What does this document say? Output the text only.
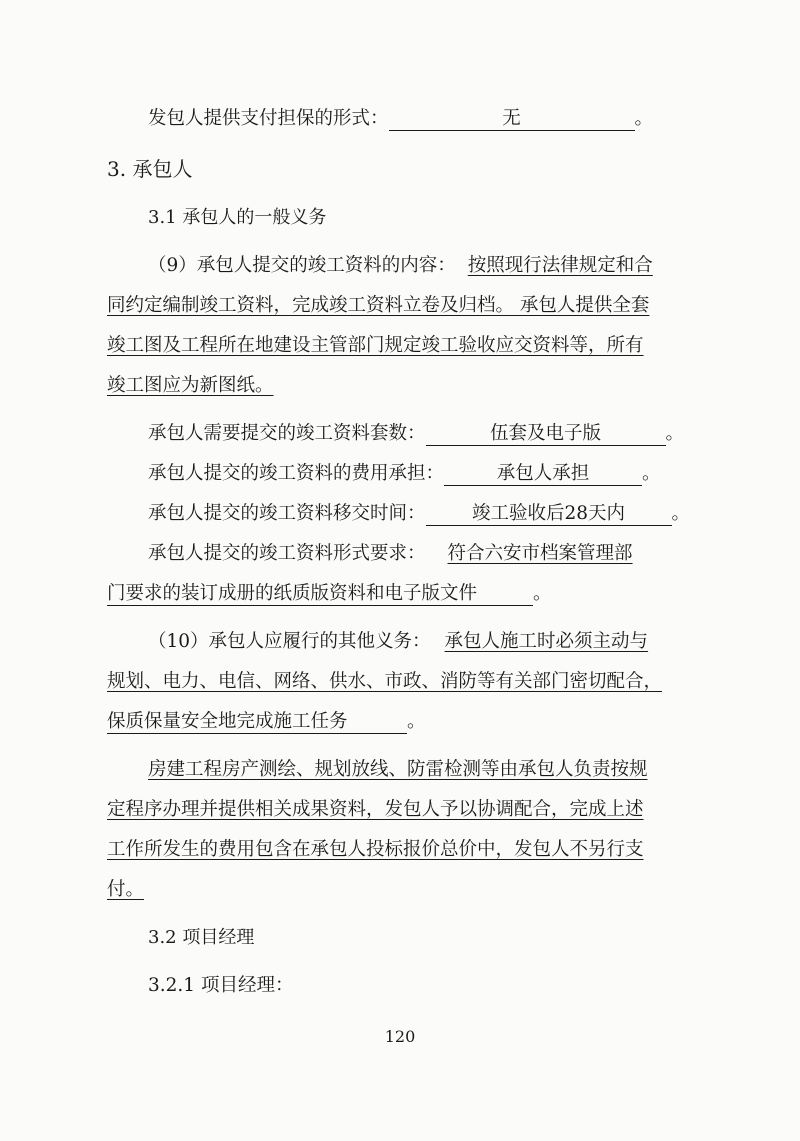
发包人提供支付担保的形式：	无	。
3. 承包人
3.1 承包人的一般义务
（9）承包人提交的竣工资料的内容： 按照现行法律规定和合
同约定编制竣工资料，完成竣工资料立卷及归档。 承包人提供全套
竣工图及工程所在地建设主管部门规定竣工验收应交资料等，所有
竣工图应为新图纸。
承包人需要提交的竣工资料套数：	伍套及电子版	。
承包人提交的竣工资料的费用承担：	承包人承担	。
承包人提交的竣工资料移交时间：	竣工验收后28天内	。
承包人提交的竣工资料形式要求： 符合六安市档案管理部
门要求的装订成册的纸质版资料和电子版文件	。
（10）承包人应履行的其他义务： 承包人施工时必须主动与
规划、电力、电信、网络、供水、市政、消防等有关部门密切配合，
保质保量安全地完成施工任务	。
房建工程房产测绘、规划放线、防雷检测等由承包人负责按规
定程序办理并提供相关成果资料，发包人予以协调配合，完成上述
工作所发生的费用包含在承包人投标报价总价中，发包人不另行支
付。
3.2 项目经理
3.2.1 项目经理：
120
